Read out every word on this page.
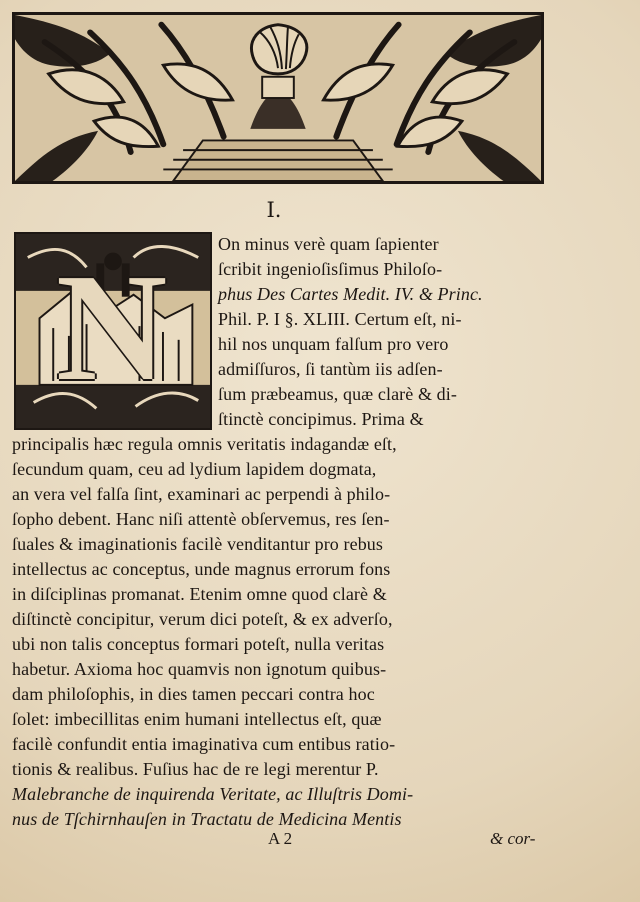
I.
N	On minus verè quam ſapienter
ſcribit ingenioſisſimus Philoſo-
phus Des Cartes Medit. IV. & Princ.
Phil. P. I §. XLIII. Certum eſt, ni-
hil nos unquam falſum pro vero
admiſſuros, ſi tantùm iis adſen-
ſum præbeamus, quæ clarè & di-
ſtinctè concipimus. Prima &
principalis hæc regula omnis veritatis indagandæ eſt,
ſecundum quam, ceu ad lydium lapidem dogmata,
an vera vel falſa ſint, examinari ac perpendi à philo-
ſopho debent. Hanc niſi attentè obſervemus, res ſen-
ſuales & imaginationis facilè venditantur pro rebus
intellectus ac conceptus, unde magnus errorum fons
in diſciplinas promanat. Etenim omne quod clarè &
diſtinctè concipitur, verum dici poteſt, & ex adverſo,
ubi non talis conceptus formari poteſt, nulla veritas
habetur. Axioma hoc quamvis non ignotum quibus-
dam philoſophis, in dies tamen peccari contra hoc
ſolet: imbecillitas enim humani intellectus eſt, quæ
facilè confundit entia imaginativa cum entibus ratio-
tionis & realibus. Fuſius hac de re legi merentur P.
Malebranche de inquirenda Veritate, ac Illuſtris Domi-
nus de Tſchirnhauſen in Tractatu de Medicina Mentis
A 2	& cor-
